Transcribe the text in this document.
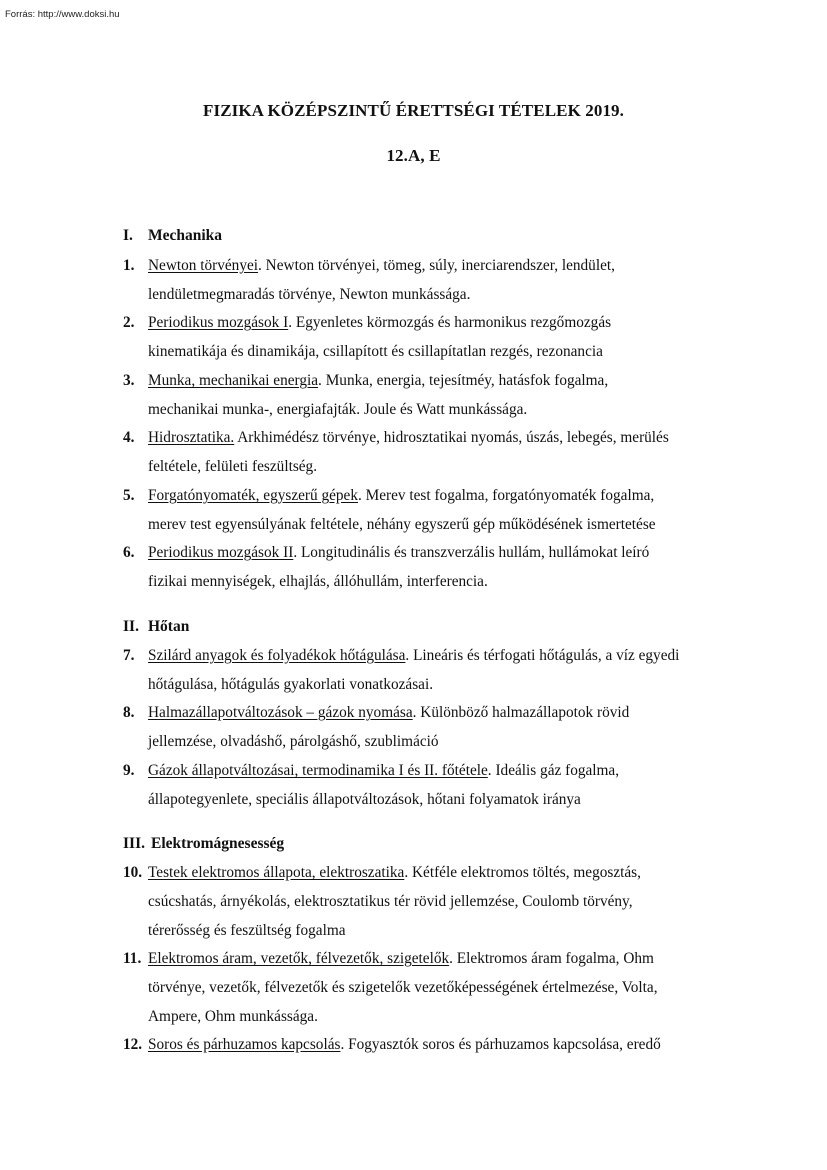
Forrás: http://www.doksi.hu
FIZIKA KÖZÉPSZINTŰ ÉRETTSÉGI TÉTELEK 2019.
12.A, E
I. Mechanika
1. Newton törvényei. Newton törvényei, tömeg, súly, inerciarendszer, lendület,
lendületmegmaradás törvénye, Newton munkássága.
2. Periodikus mozgások I. Egyenletes körmozgás és harmonikus rezgőmozgás
kinematikája és dinamikája, csillapított és csillapítatlan rezgés, rezonancia
3. Munka, mechanikai energia. Munka, energia, tejesítméy, hatásfok fogalma,
mechanikai munka-, energiafajták. Joule és Watt munkássága.
4. Hidrosztatika. Arkhimédész törvénye, hidrosztatikai nyomás, úszás, lebegés, merülés
feltétele, felületi feszültség.
5. Forgatónyomaték, egyszerű gépek. Merev test fogalma, forgatónyomaték fogalma,
merev test egyensúlyának feltétele, néhány egyszerű gép működésének ismertetése
6. Periodikus mozgások II. Longitudinális és transzverzális hullám, hullámokat leíró
fizikai mennyiségek, elhajlás, állóhullám, interferencia.
II. Hőtan
7. Szilárd anyagok és folyadékok hőtágulása. Lineáris és térfogati hőtágulás, a víz egyedi
hőtágulása, hőtágulás gyakorlati vonatkozásai.
8. Halmazállapotváltozások – gázok nyomása. Különböző halmazállapotok rövid
jellemzése, olvadáshő, párolgáshő, szublimáció
9. Gázok állapotváltozásai, termodinamika I és II. főtétele. Ideális gáz fogalma,
állapotegyenlete, speciális állapotváltozások, hőtani folyamatok iránya
III. Elektromágnesesség
10. Testek elektromos állapota, elektroszatika. Kétféle elektromos töltés, megosztás,
csúcshatás, árnyékolás, elektrosztatikus tér rövid jellemzése, Coulomb törvény,
térerősség és feszültség fogalma
11. Elektromos áram, vezetők, félvezetők, szigetelők. Elektromos áram fogalma, Ohm
törvénye, vezetők, félvezetők és szigetelők vezetőképességének értelmezése, Volta,
Ampere, Ohm munkássága.
12. Soros és párhuzamos kapcsolás. Fogyasztók soros és párhuzamos kapcsolása, eredő
